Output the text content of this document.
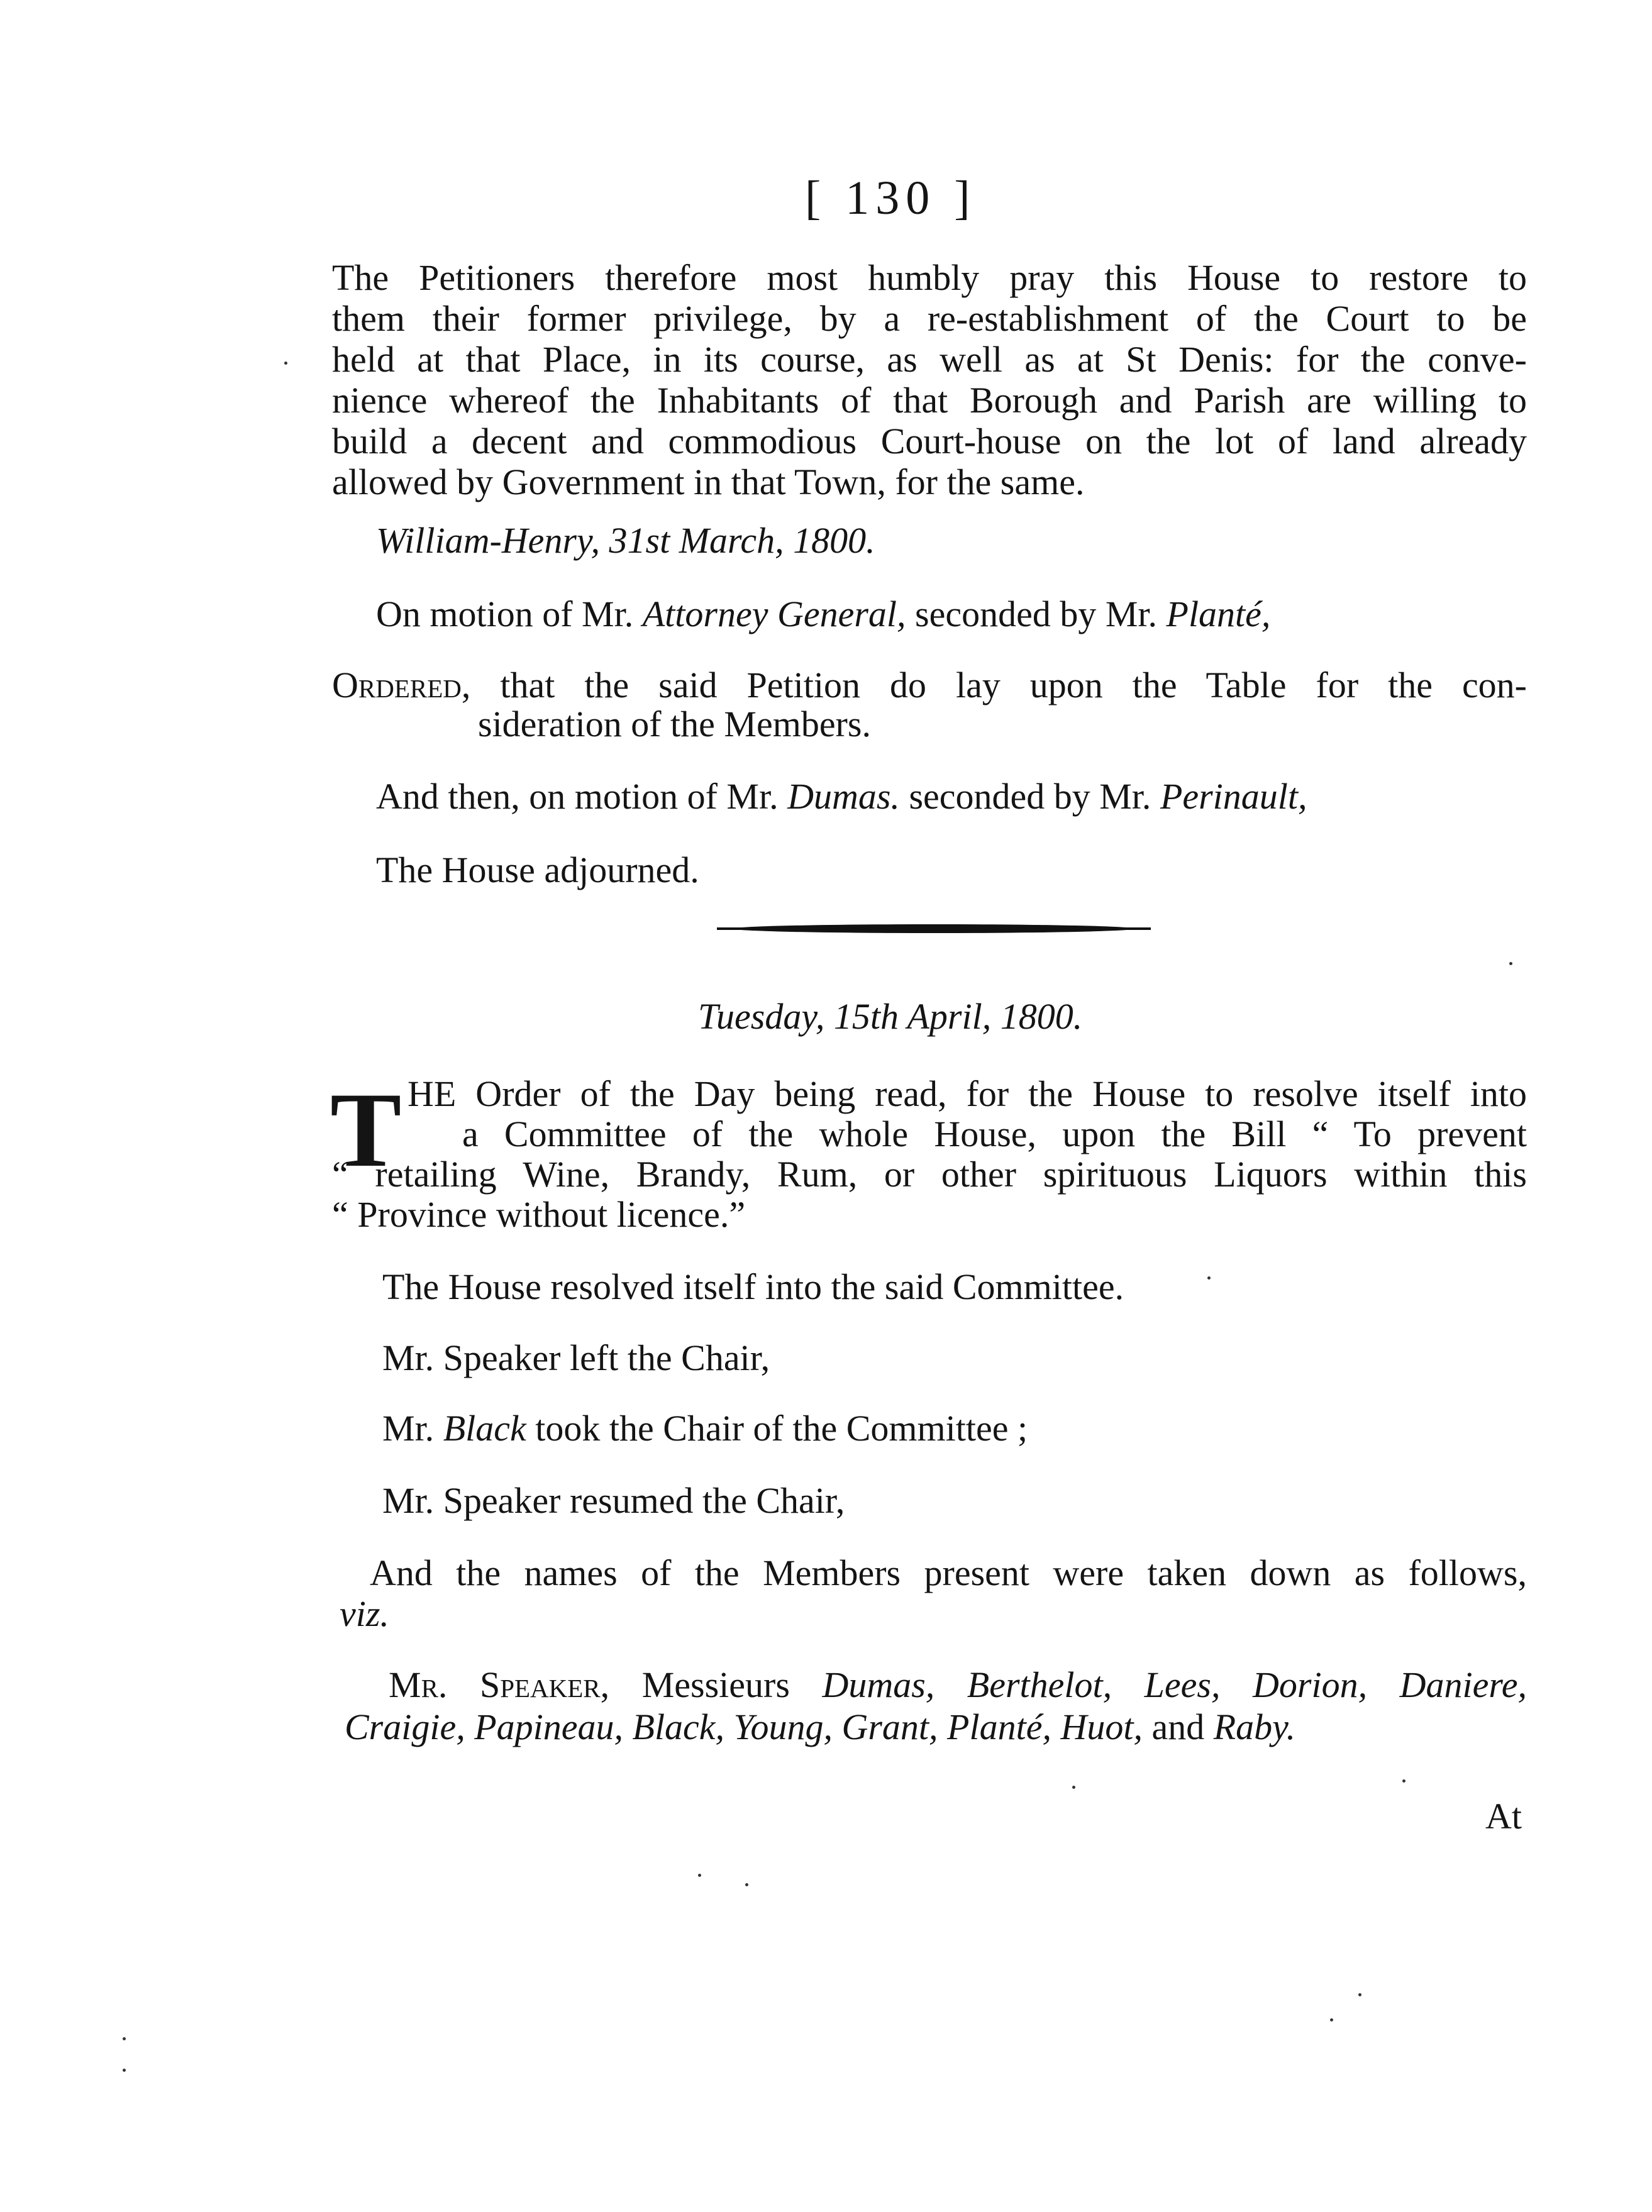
[ 130 ]
The Petitioners therefore most humbly pray this House to restore to
them their former privilege, by a re-establishment of the Court to be
held at that Place, in its course, as well as at St Denis: for the conve-
nience whereof the Inhabitants of that Borough and Parish are willing to
build a decent and commodious Court-house on the lot of land already
allowed by Government in that Town, for the same.
William-Henry, 31st March, 1800.
On motion of Mr. Attorney General, seconded by Mr. Planté,
Ordered, that the said Petition do lay upon the Table for the con-
sideration of the Members.
And then, on motion of Mr. Dumas. seconded by Mr. Perinault,
The House adjourned.
Tuesday, 15th April, 1800.
T HE Order of the Day being read, for the House to resolve itself into
a Committee of the whole House, upon the Bill “ To prevent
“ retailing Wine, Brandy, Rum, or other spirituous Liquors within this
“ Province without licence.”
The House resolved itself into the said Committee.
Mr. Speaker left the Chair,
Mr. Black took the Chair of the Committee ;
Mr. Speaker resumed the Chair,
And the names of the Members present were taken down as follows,
viz.
Mr. Speaker, Messieurs Dumas, Berthelot, Lees, Dorion, Daniere,
Craigie, Papineau, Black, Young, Grant, Planté, Huot, and Raby.
At
